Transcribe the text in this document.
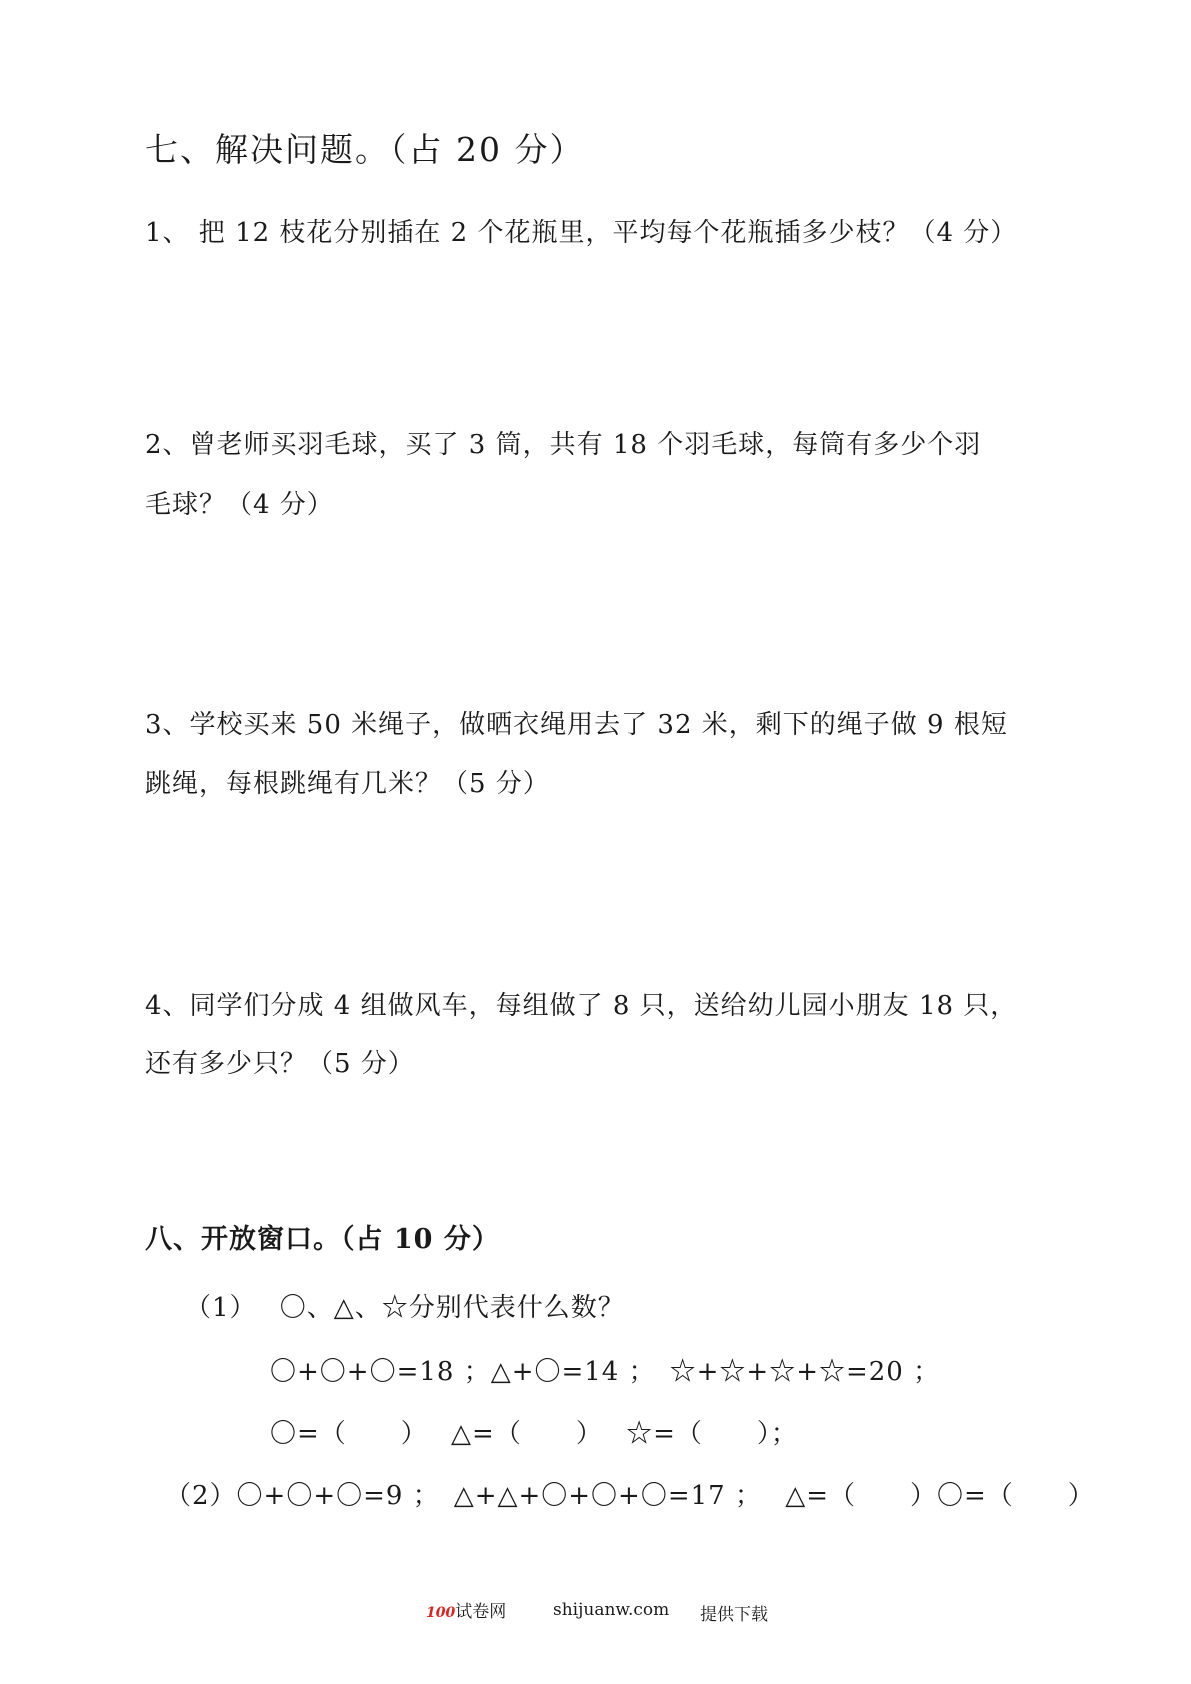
七、解决问题。（占 20 分）
1、 把 12 枝花分别插在 2 个花瓶里，平均每个花瓶插多少枝？（4 分）
2、曾老师买羽毛球，买了 3 筒，共有 18 个羽毛球，每筒有多少个羽
毛球？（4 分）
3、学校买来 50 米绳子，做晒衣绳用去了 32 米，剩下的绳子做 9 根短
跳绳，每根跳绳有几米？（5 分）
4、同学们分成 4 组做风车，每组做了 8 只，送给幼儿园小朋友 18 只，
还有多少只？（5 分）
八、开放窗口。（占 10 分）
（1）　 〇、△、☆分别代表什么数？
〇+〇+〇=18 ；△+〇=14 ；　☆+☆+☆+☆=20 ；
〇=（　　）　 △=（　　）　 ☆=（　　）；
（2）〇+〇+〇=9 ；　△+△+〇+〇+〇=17 ；　 △=（　　）〇=（　　）
100试卷网	shijuanw.com 提供下载
